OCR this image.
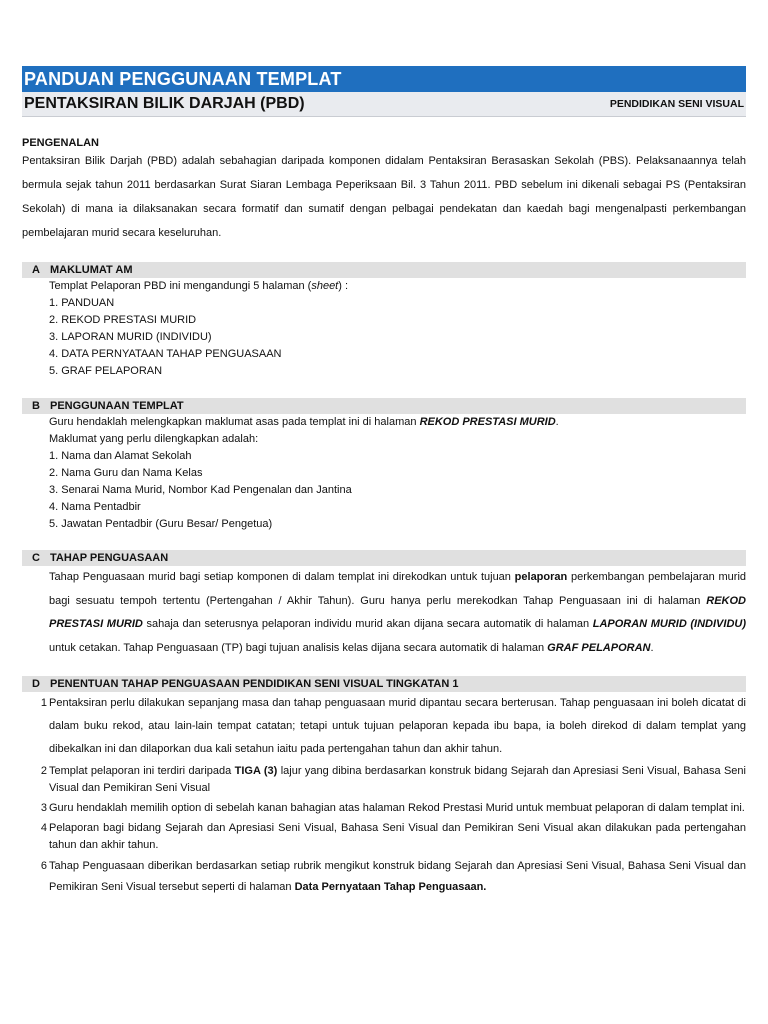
PANDUAN PENGGUNAAN TEMPLAT
PENTAKSIRAN BILIK DARJAH (PBD)	PENDIDIKAN SENI VISUAL
PENGENALAN
Pentaksiran Bilik Darjah (PBD) adalah sebahagian daripada komponen didalam Pentaksiran Berasaskan Sekolah (PBS). Pelaksanaannya telah bermula sejak tahun 2011 berdasarkan Surat Siaran Lembaga Peperiksaan Bil. 3 Tahun 2011. PBD sebelum ini dikenali sebagai PS (Pentaksiran Sekolah) di mana ia dilaksanakan secara formatif dan sumatif dengan pelbagai pendekatan dan kaedah bagi mengenalpasti perkembangan pembelajaran murid secara keseluruhan.
A MAKLUMAT AM
Templat Pelaporan PBD ini mengandungi 5 halaman (sheet) :
1. PANDUAN
2. REKOD PRESTASI MURID
3. LAPORAN MURID (INDIVIDU)
4. DATA PERNYATAAN TAHAP PENGUASAAN
5. GRAF PELAPORAN
B PENGGUNAAN TEMPLAT
Guru hendaklah melengkapkan maklumat asas pada templat ini di halaman REKOD PRESTASI MURID.
Maklumat yang perlu dilengkapkan adalah:
1. Nama dan Alamat Sekolah
2. Nama Guru dan Nama Kelas
3. Senarai Nama Murid, Nombor Kad Pengenalan dan Jantina
4. Nama Pentadbir
5. Jawatan Pentadbir (Guru Besar/ Pengetua)
C TAHAP PENGUASAAN
Tahap Penguasaan murid bagi setiap komponen di dalam templat ini direkodkan untuk tujuan pelaporan perkembangan pembelajaran murid bagi sesuatu tempoh tertentu (Pertengahan / Akhir Tahun). Guru hanya perlu merekodkan Tahap Penguasaan ini di halaman REKOD PRESTASI MURID sahaja dan seterusnya pelaporan individu murid akan dijana secara automatik di halaman LAPORAN MURID (INDIVIDU) untuk cetakan. Tahap Penguasaan (TP) bagi tujuan analisis kelas dijana secara automatik di halaman GRAF PELAPORAN.
D PENENTUAN TAHAP PENGUASAAN PENDIDIKAN SENI VISUAL TINGKATAN 1
1 Pentaksiran perlu dilakukan sepanjang masa dan tahap penguasaan murid dipantau secara berterusan. Tahap penguasaan ini boleh dicatat di dalam buku rekod, atau lain-lain tempat catatan; tetapi untuk tujuan pelaporan kepada ibu bapa, ia boleh direkod di dalam templat yang dibekalkan ini dan dilaporkan dua kali setahun iaitu pada pertengahan tahun dan akhir tahun.
2 Templat pelaporan ini terdiri daripada TIGA (3) lajur yang dibina berdasarkan konstruk bidang Sejarah dan Apresiasi Seni Visual, Bahasa Seni Visual dan Pemikiran Seni Visual
3 Guru hendaklah memilih option di sebelah kanan bahagian atas halaman Rekod Prestasi Murid untuk membuat pelaporan di dalam templat ini.
4 Pelaporan bagi bidang Sejarah dan Apresiasi Seni Visual, Bahasa Seni Visual dan Pemikiran Seni Visual akan dilakukan pada pertengahan tahun dan akhir tahun.
6 Tahap Penguasaan diberikan berdasarkan setiap rubrik mengikut konstruk bidang Sejarah dan Apresiasi Seni Visual, Bahasa Seni Visual dan Pemikiran Seni Visual tersebut seperti di halaman Data Pernyataan Tahap Penguasaan.
